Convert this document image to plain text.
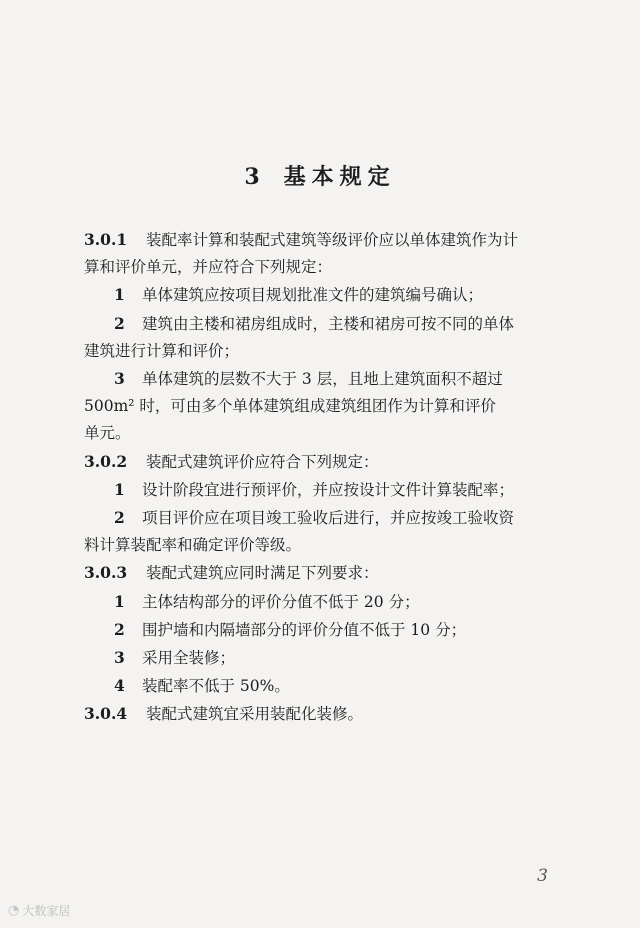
3 基本规定
3.0.1 装配率计算和装配式建筑等级评价应以单体建筑作为计
算和评价单元，并应符合下列规定：
1 单体建筑应按项目规划批准文件的建筑编号确认；
2 建筑由主楼和裙房组成时，主楼和裙房可按不同的单体
建筑进行计算和评价；
3 单体建筑的层数不大于 3 层，且地上建筑面积不超过
500m² 时，可由多个单体建筑组成建筑组团作为计算和评价
单元。
3.0.2 装配式建筑评价应符合下列规定：
1 设计阶段宜进行预评价，并应按设计文件计算装配率；
2 项目评价应在项目竣工验收后进行，并应按竣工验收资
料计算装配率和确定评价等级。
3.0.3 装配式建筑应同时满足下列要求：
1 主体结构部分的评价分值不低于 20 分；
2 围护墙和内隔墙部分的评价分值不低于 10 分；
3 采用全装修；
4 装配率不低于 50%。
3.0.4 装配式建筑宜采用装配化装修。
3
◔ 大数家居
